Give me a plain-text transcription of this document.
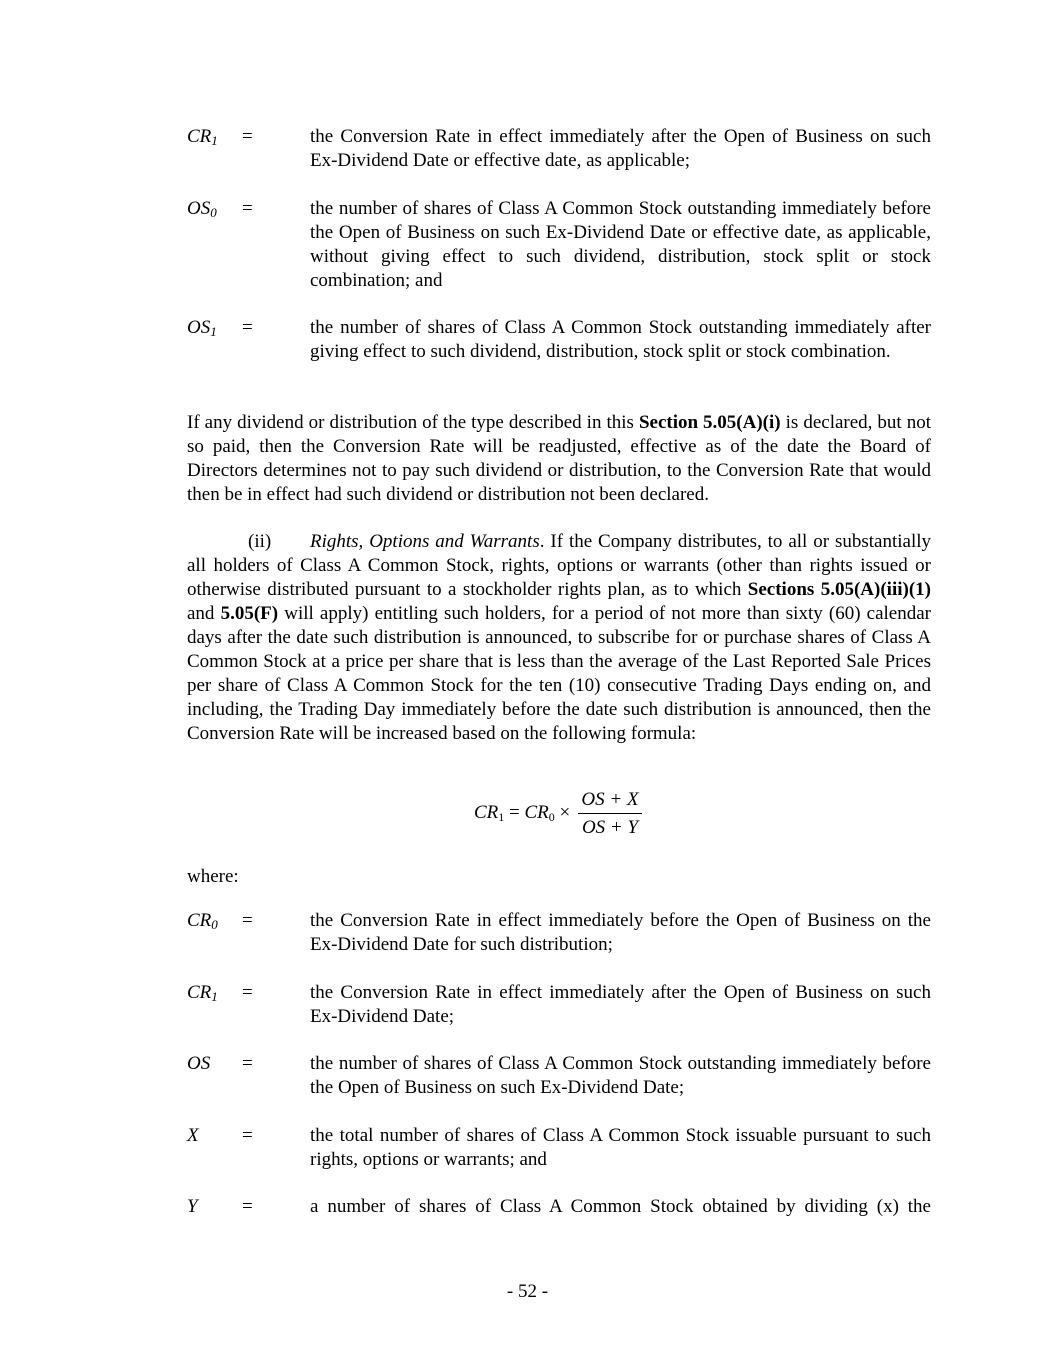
$CR_1$ =	the Conversion Rate in effect immediately after the Open of Business on such Ex-Dividend Date or effective date, as applicable;
$OS_0$ =	the number of shares of Class A Common Stock outstanding immediately before the Open of Business on such Ex-Dividend Date or effective date, as applicable, without giving effect to such dividend, distribution, stock split or stock combination; and
$OS_1$ =	the number of shares of Class A Common Stock outstanding immediately after giving effect to such dividend, distribution, stock split or stock combination.
If any dividend or distribution of the type described in this Section 5.05(A)(i) is declared, but not so paid, then the Conversion Rate will be readjusted, effective as of the date the Board of Directors determines not to pay such dividend or distribution, to the Conversion Rate that would then be in effect had such dividend or distribution not been declared.
(ii) Rights, Options and Warrants. If the Company distributes, to all or substantially all holders of Class A Common Stock, rights, options or warrants (other than rights issued or otherwise distributed pursuant to a stockholder rights plan, as to which Sections 5.05(A)(iii)(1) and 5.05(F) will apply) entitling such holders, for a period of not more than sixty (60) calendar days after the date such distribution is announced, to subscribe for or purchase shares of Class A Common Stock at a price per share that is less than the average of the Last Reported Sale Prices per share of Class A Common Stock for the ten (10) consecutive Trading Days ending on, and including, the Trading Day immediately before the date such distribution is announced, then the Conversion Rate will be increased based on the following formula:
$CR_1 = CR_0$ ×
OS + X
OS + Y
where:
$CR_0$ =	the Conversion Rate in effect immediately before the Open of Business on the Ex-Dividend Date for such distribution;
$CR_1$ =	the Conversion Rate in effect immediately after the Open of Business on such Ex-Dividend Date;
OS =	the number of shares of Class A Common Stock outstanding immediately before the Open of Business on such Ex-Dividend Date;
X =	the total number of shares of Class A Common Stock issuable pursuant to such rights, options or warrants; and
Y =	a number of shares of Class A Common Stock obtained by dividing (x) the
- 52 -
